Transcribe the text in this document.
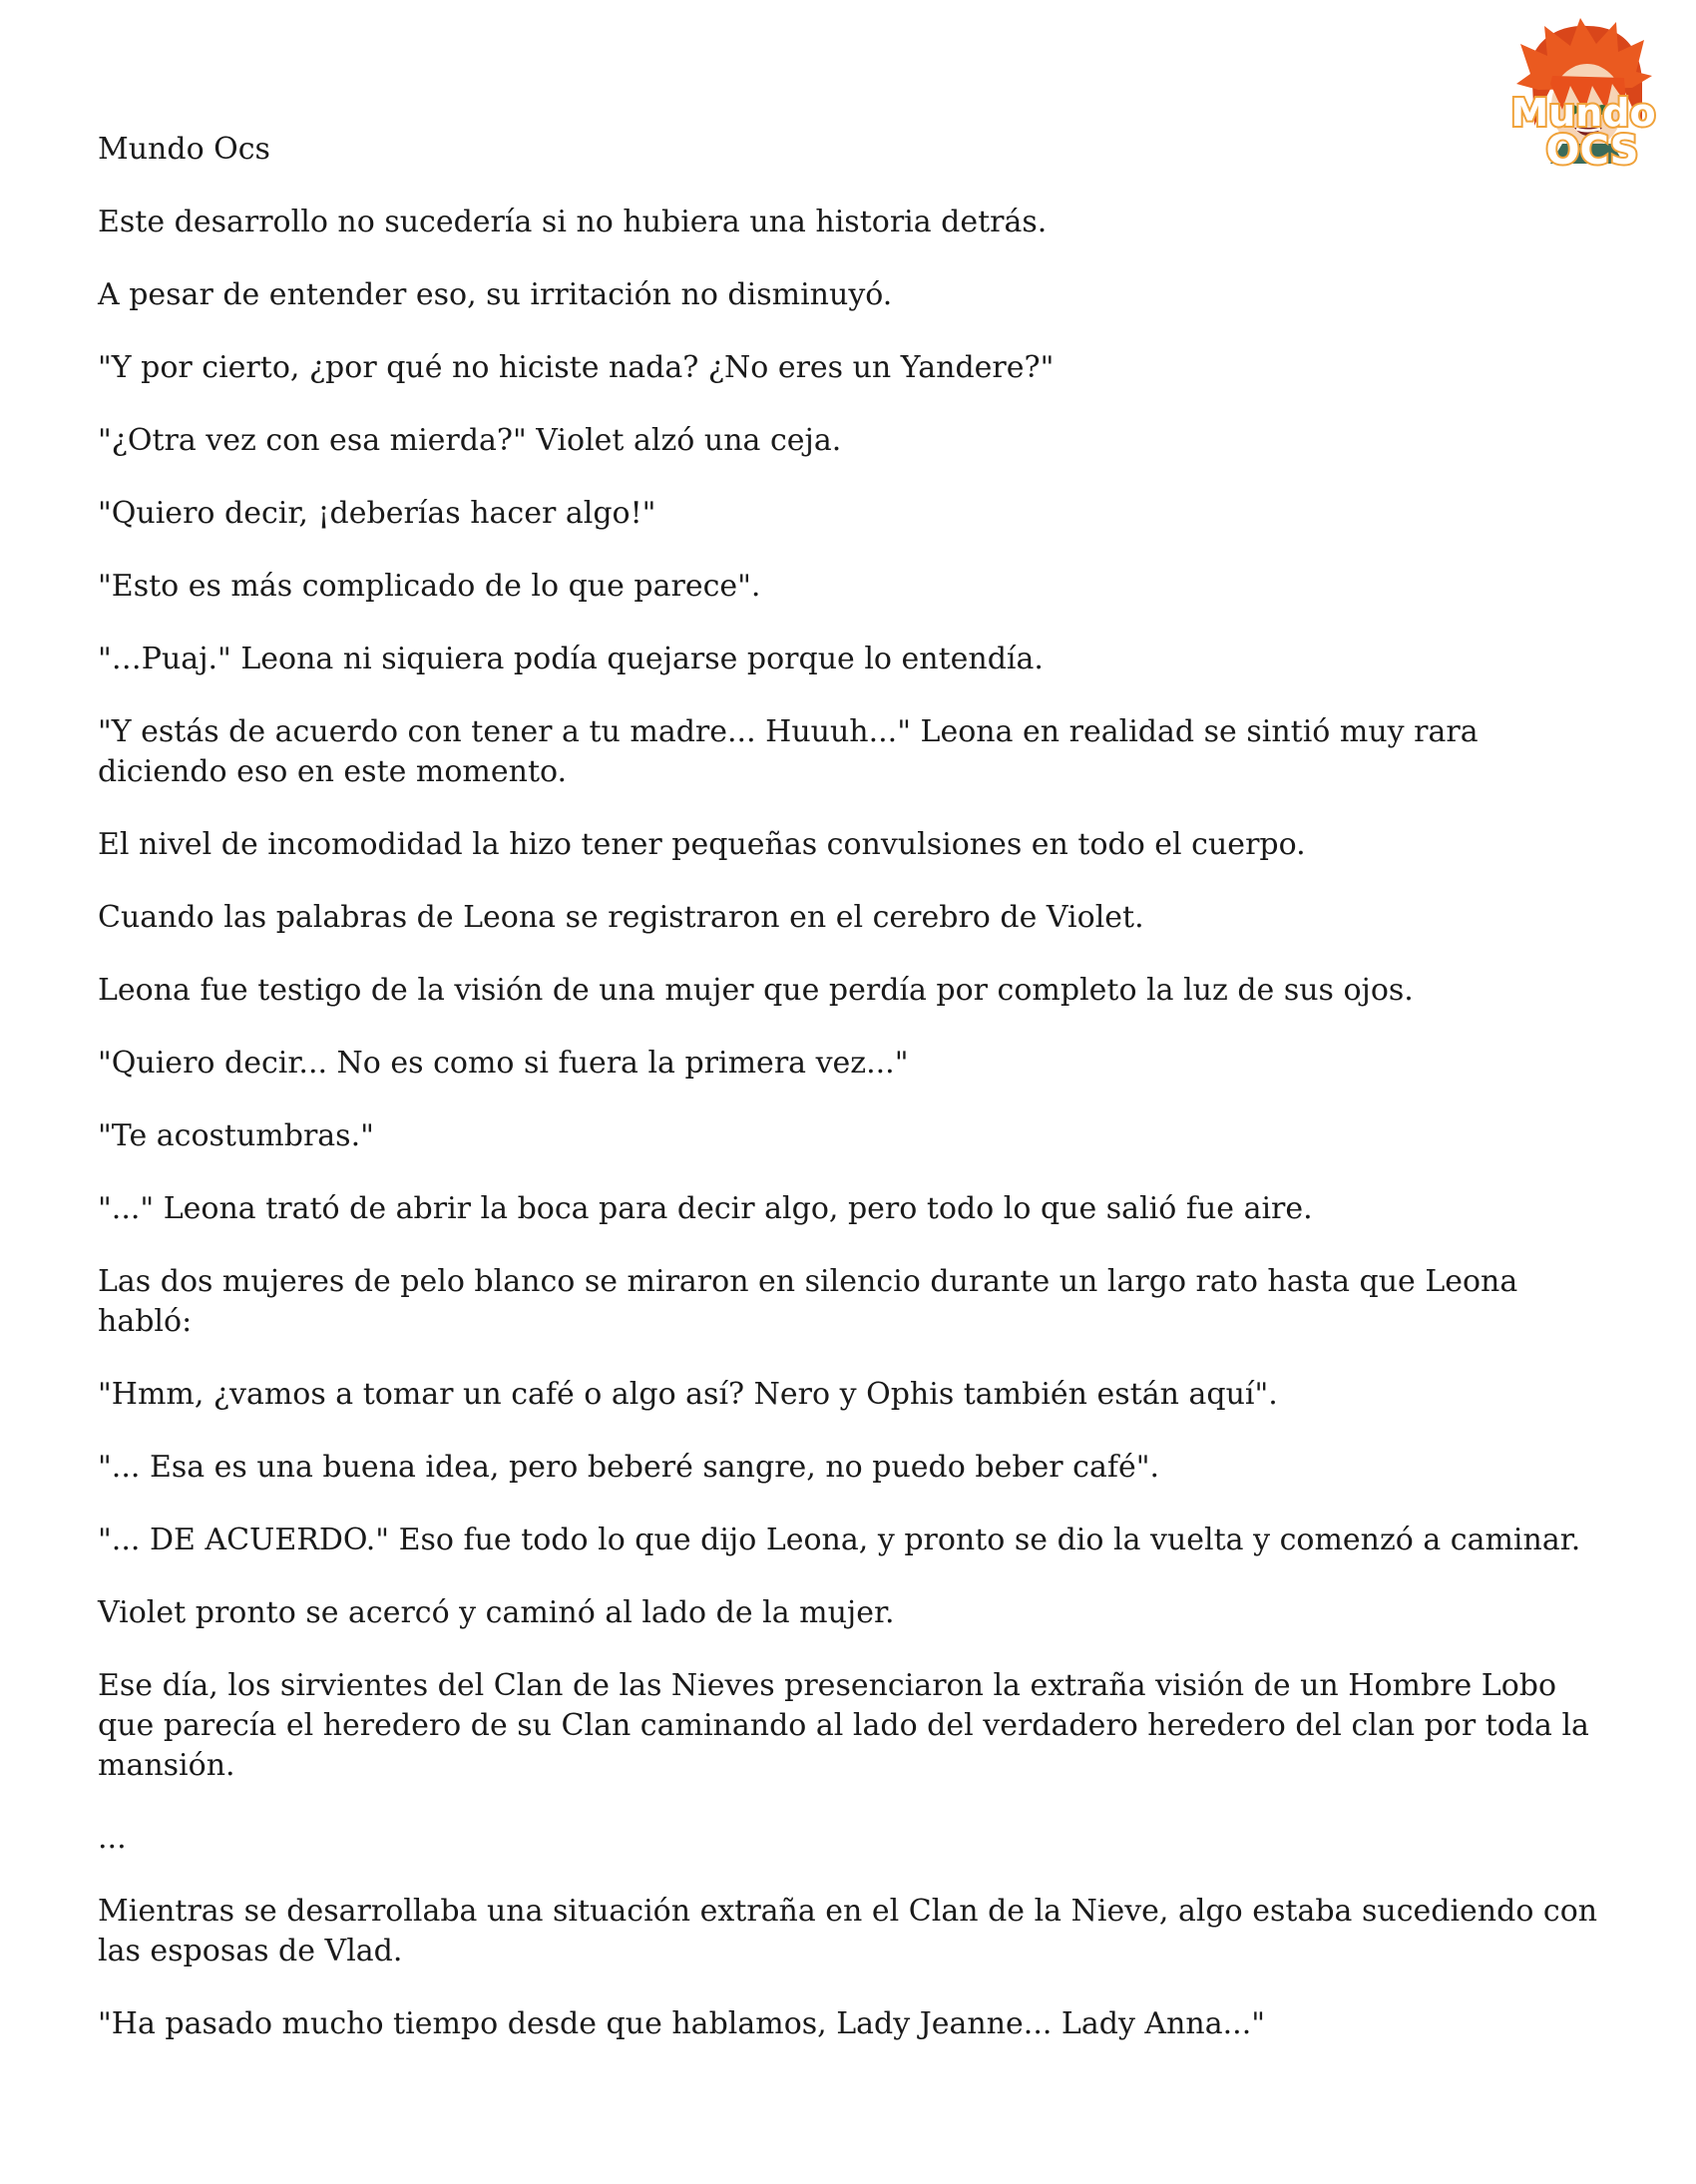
Mundo
OCS

Mundo Ocs

Este desarrollo no sucedería si no hubiera una historia detrás.

A pesar de entender eso, su irritación no disminuyó.

"Y por cierto, ¿por qué no hiciste nada? ¿No eres un Yandere?"

"¿Otra vez con esa mierda?" Violet alzó una ceja.

"Quiero decir, ¡deberías hacer algo!"

"Esto es más complicado de lo que parece".

"…Puaj." Leona ni siquiera podía quejarse porque lo entendía.

"Y estás de acuerdo con tener a tu madre... Huuuh..." Leona en realidad se sintió muy rara diciendo eso en este momento.

El nivel de incomodidad la hizo tener pequeñas convulsiones en todo el cuerpo.

Cuando las palabras de Leona se registraron en el cerebro de Violet.

Leona fue testigo de la visión de una mujer que perdía por completo la luz de sus ojos.

"Quiero decir... No es como si fuera la primera vez..."

"Te acostumbras."

"..." Leona trató de abrir la boca para decir algo, pero todo lo que salió fue aire.

Las dos mujeres de pelo blanco se miraron en silencio durante un largo rato hasta que Leona habló:

"Hmm, ¿vamos a tomar un café o algo así? Nero y Ophis también están aquí".

"... Esa es una buena idea, pero beberé sangre, no puedo beber café".

"... DE ACUERDO." Eso fue todo lo que dijo Leona, y pronto se dio la vuelta y comenzó a caminar.

Violet pronto se acercó y caminó al lado de la mujer.

Ese día, los sirvientes del Clan de las Nieves presenciaron la extraña visión de un Hombre Lobo que parecía el heredero de su Clan caminando al lado del verdadero heredero del clan por toda la mansión.

...

Mientras se desarrollaba una situación extraña en el Clan de la Nieve, algo estaba sucediendo con las esposas de Vlad.

"Ha pasado mucho tiempo desde que hablamos, Lady Jeanne... Lady Anna..."
